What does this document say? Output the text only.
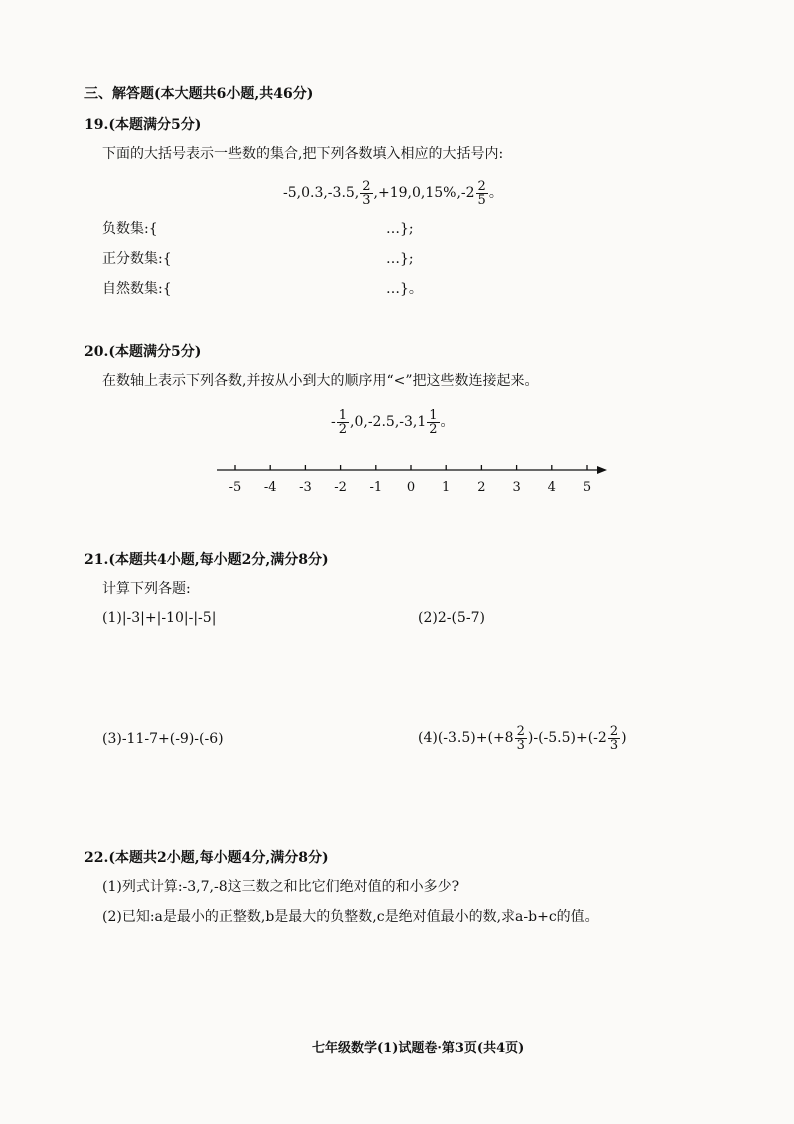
三、解答题(本大题共6小题,共46分)
19.(本题满分5分)
下面的大括号表示一些数的集合,把下列各数填入相应的大括号内:
-5,0.3,-3.5, $\frac{2}{3} ,+19,0,15\%,-2 \frac{2}{5}$ 。
负数集:{	…};
正分数集:{	…};
自然数集:{	…}。
20.(本题满分5分)
在数轴上表示下列各数,并按从小到大的顺序用“<”把这些数连接起来。
- $\frac{1}{2} ,0,-2.5,-3,1 \frac{1}{2}$ 。
-5 -4 -3 -2 -1 0 1 2 3 4 5
21.(本题共4小题,每小题2分,满分8分)
计算下列各题:
(1)|-3|+|-10|-|-5|	(2)2-(5-7)
(3)-11-7+(-9)-(-6)	$(4)(-3.5)+(+8 \frac{2}{3} )-(-5.5)+(-2 \frac{2}{3}$ )
22.(本题共2小题,每小题4分,满分8分)
(1)列式计算:-3,7,-8这三数之和比它们绝对值的和小多少?
(2)已知:a是最小的正整数,b是最大的负整数,c是绝对值最小的数,求a-b+c的值。
七年级数学(1)试题卷·第3页(共4页)
